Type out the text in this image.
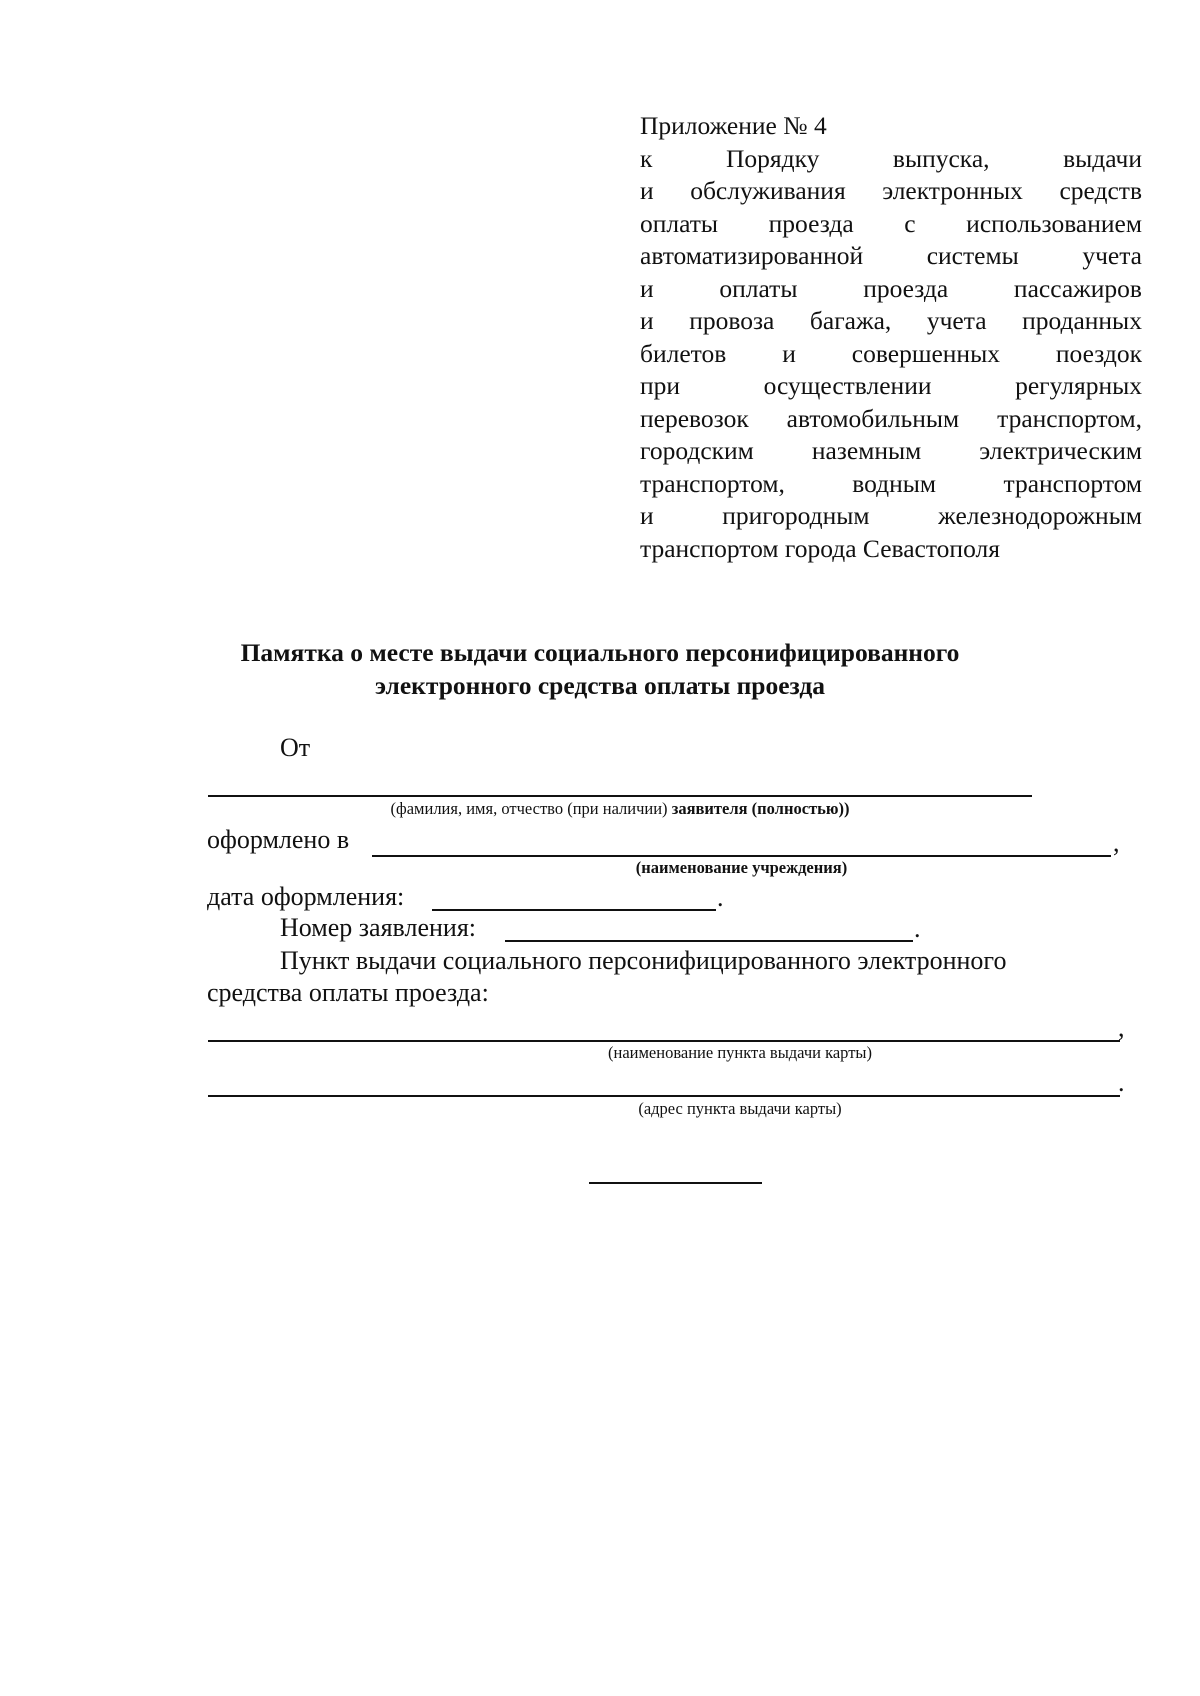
Приложение № 4
к	Порядку	выпуска,	выдачи
и обслуживания электронных средств
оплаты проезда с использованием
автоматизированной системы учета
и	оплаты	проезда	пассажиров
и провоза багажа, учета проданных
билетов и совершенных поездок
при	осуществлении	регулярных
перевозок автомобильным транспортом,
городским наземным электрическим
транспортом,	водным	транспортом
и	пригородным	железнодорожным
транспортом города Севастополя
Памятка о месте выдачи социального персонифицированного
электронного средства оплаты проезда
От
(фамилия, имя, отчество (при наличии) заявителя (полностью))
оформлено в	,
(наименование учреждения)
дата оформления:	.
Номер заявления:	.
Пункт выдачи социального персонифицированного электронного
средства оплаты проезда:
,
(наименование пункта выдачи карты)
.
(адрес пункта выдачи карты)
